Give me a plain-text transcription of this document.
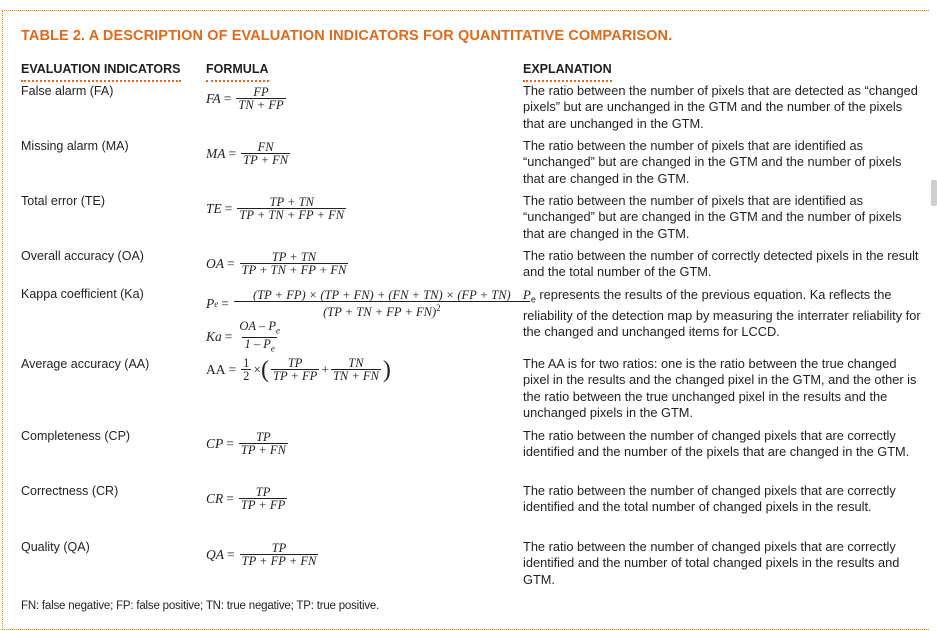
TABLE 2. A DESCRIPTION OF EVALUATION INDICATORS FOR QUANTITATIVE COMPARISON.
EVALUATION INDICATORS FORMULA	EXPLANATION
False alarm (FA)
Missing alarm (MA)
Total error (TE)
Overall accuracy (OA)
Kappa coefficient (Ka)
Average accuracy (AA)
Completeness (CP)
Correctness (CR)
Quality (QA)
FA = $\frac{FP}{TN + FP}$
MA = $\frac{FN}{TP + FN}$
TE = $\frac{TP + TN}{TP + TN + FP + FN}$
OA = $\frac{TP + TN}{TP + TN + FP + FN}$
P $e = \frac{(TP + FP) \times (TP + FN) + (FN + TN) \times (FP + TN)}{(TP + TN + FP + FN)^2}$
$Ka = \frac{OA - P_e}{1 - P_e}$
AA = $\frac{1}{2}$ × ( $\frac{TP}{TP + FP} + \frac{TN}{TN + FN}$ )
CP = $\frac{TP}{TP + FN}$
CR = $\frac{TP}{TP + FP}$
QA = $\frac{TP}{TP + FP + FN}$
The ratio between the number of pixels that are detected as “changed pixels” but are unchanged in the GTM and the number of the pixels that are unchanged in the GTM.
The ratio between the number of pixels that are identified as “unchanged” but are changed in the GTM and the number of pixels that are changed in the GTM.
The ratio between the number of pixels that are identified as “unchanged” but are changed in the GTM and the number of pixels that are changed in the GTM.
The ratio between the number of correctly detected pixels in the result and the total number of the GTM.
$P_e$ represents the results of the previous equation. Ka reflects the reliability of the detection map by measuring the interrater reliability for the changed and unchanged items for LCCD.
The AA is for two ratios: one is the ratio between the true changed pixel in the results and the changed pixel in the GTM, and the other is the ratio between the true unchanged pixel in the results and the unchanged pixels in the GTM.
The ratio between the number of changed pixels that are correctly identified and the number of the pixels that are changed in the GTM.
The ratio between the number of changed pixels that are correctly identified and the total number of changed pixels in the result.
The ratio between the number of changed pixels that are correctly identified and the number of total changed pixels in the results and GTM.
FN: false negative; FP: false positive; TN: true negative; TP: true positive.
